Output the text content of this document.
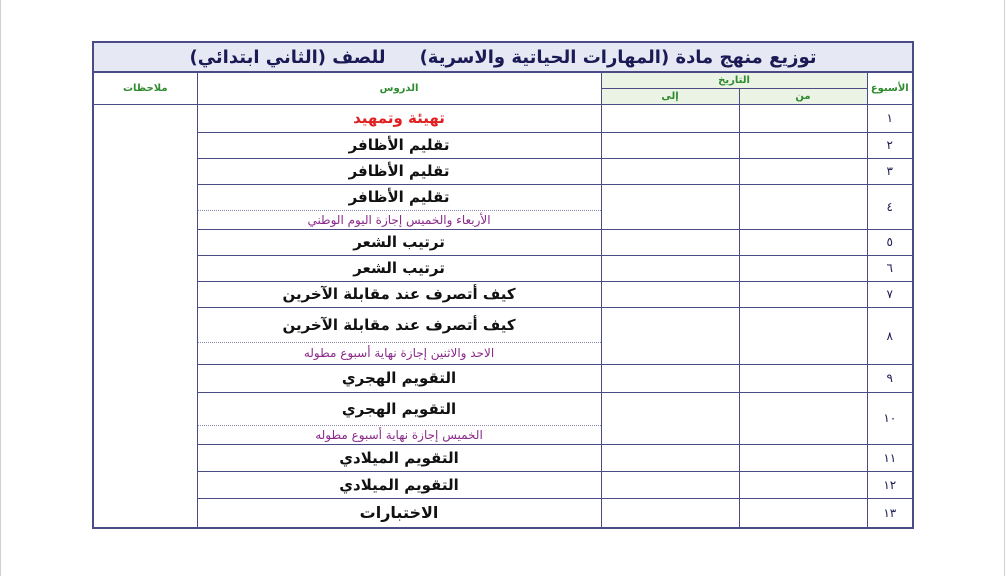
توزيع منهج مادة (المهارات الحياتية والاسرية)للصف (الثاني ابتدائي)				
الأسبوع	التاريخ		الدروس	ملاحظات
	من	إلى		
١			تهيئة وتمهيد	
٢			تقليم الأظافر	
٣			تقليم الأظافر	
٤			تقليم الأظافر	
			الأربعاء والخميس إجازة اليوم الوطني	
٥			ترتيب الشعر	
٦			ترتيب الشعر	
٧			كيف أتصرف عند مقابلة الآخرين	
٨			كيف أتصرف عند مقابلة الآخرين	
			الاحد والاثنين إجازة نهاية أسبوع مطوله	
٩			التقويم الهجري	
١٠			التقويم الهجري	
			الخميس إجازة نهاية أسبوع مطوله	
١١			التقويم الميلادي	
١٢			التقويم الميلادي	
١٣			الاختبارات	
